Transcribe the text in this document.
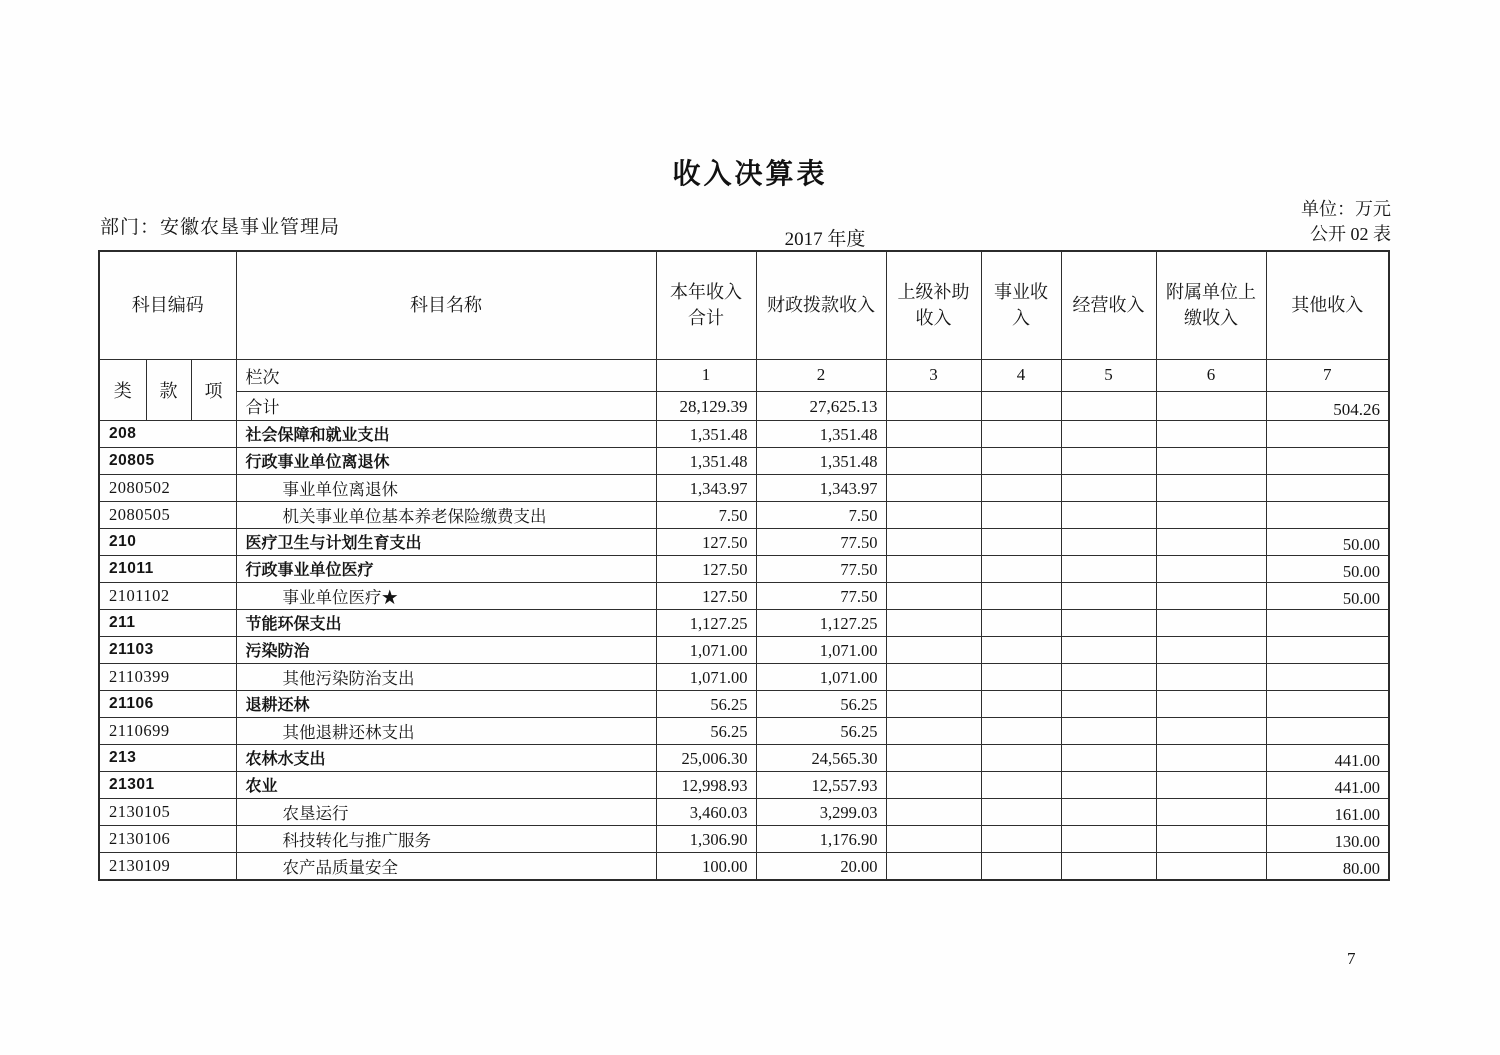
收入决算表
部门：安徽农垦事业管理局
2017 年度
单位：万元
公开 02 表
科目编码			科目名称	本年收入合计	财政拨款收入	上级补助收入	事业收入	经营收入	附属单位上缴收入	其他收入
类	款	项	栏次	1	2	3	4	5	6	7
			合计	28,129.39	27,625.13					504.26
208			社会保障和就业支出	1,351.48	1,351.48					
20805			行政事业单位离退休	1,351.48	1,351.48					
2080502			事业单位离退休	1,343.97	1,343.97					
2080505			机关事业单位基本养老保险缴费支出	7.50	7.50					
210			医疗卫生与计划生育支出	127.50	77.50					50.00
21011			行政事业单位医疗	127.50	77.50					50.00
2101102			事业单位医疗★	127.50	77.50					50.00
211			节能环保支出	1,127.25	1,127.25					
21103			污染防治	1,071.00	1,071.00					
2110399			其他污染防治支出	1,071.00	1,071.00					
21106			退耕还林	56.25	56.25					
2110699			其他退耕还林支出	56.25	56.25					
213			农林水支出	25,006.30	24,565.30					441.00
21301			农业	12,998.93	12,557.93					441.00
2130105			农垦运行	3,460.03	3,299.03					161.00
2130106			科技转化与推广服务	1,306.90	1,176.90					130.00
2130109			农产品质量安全	100.00	20.00					80.00
7
